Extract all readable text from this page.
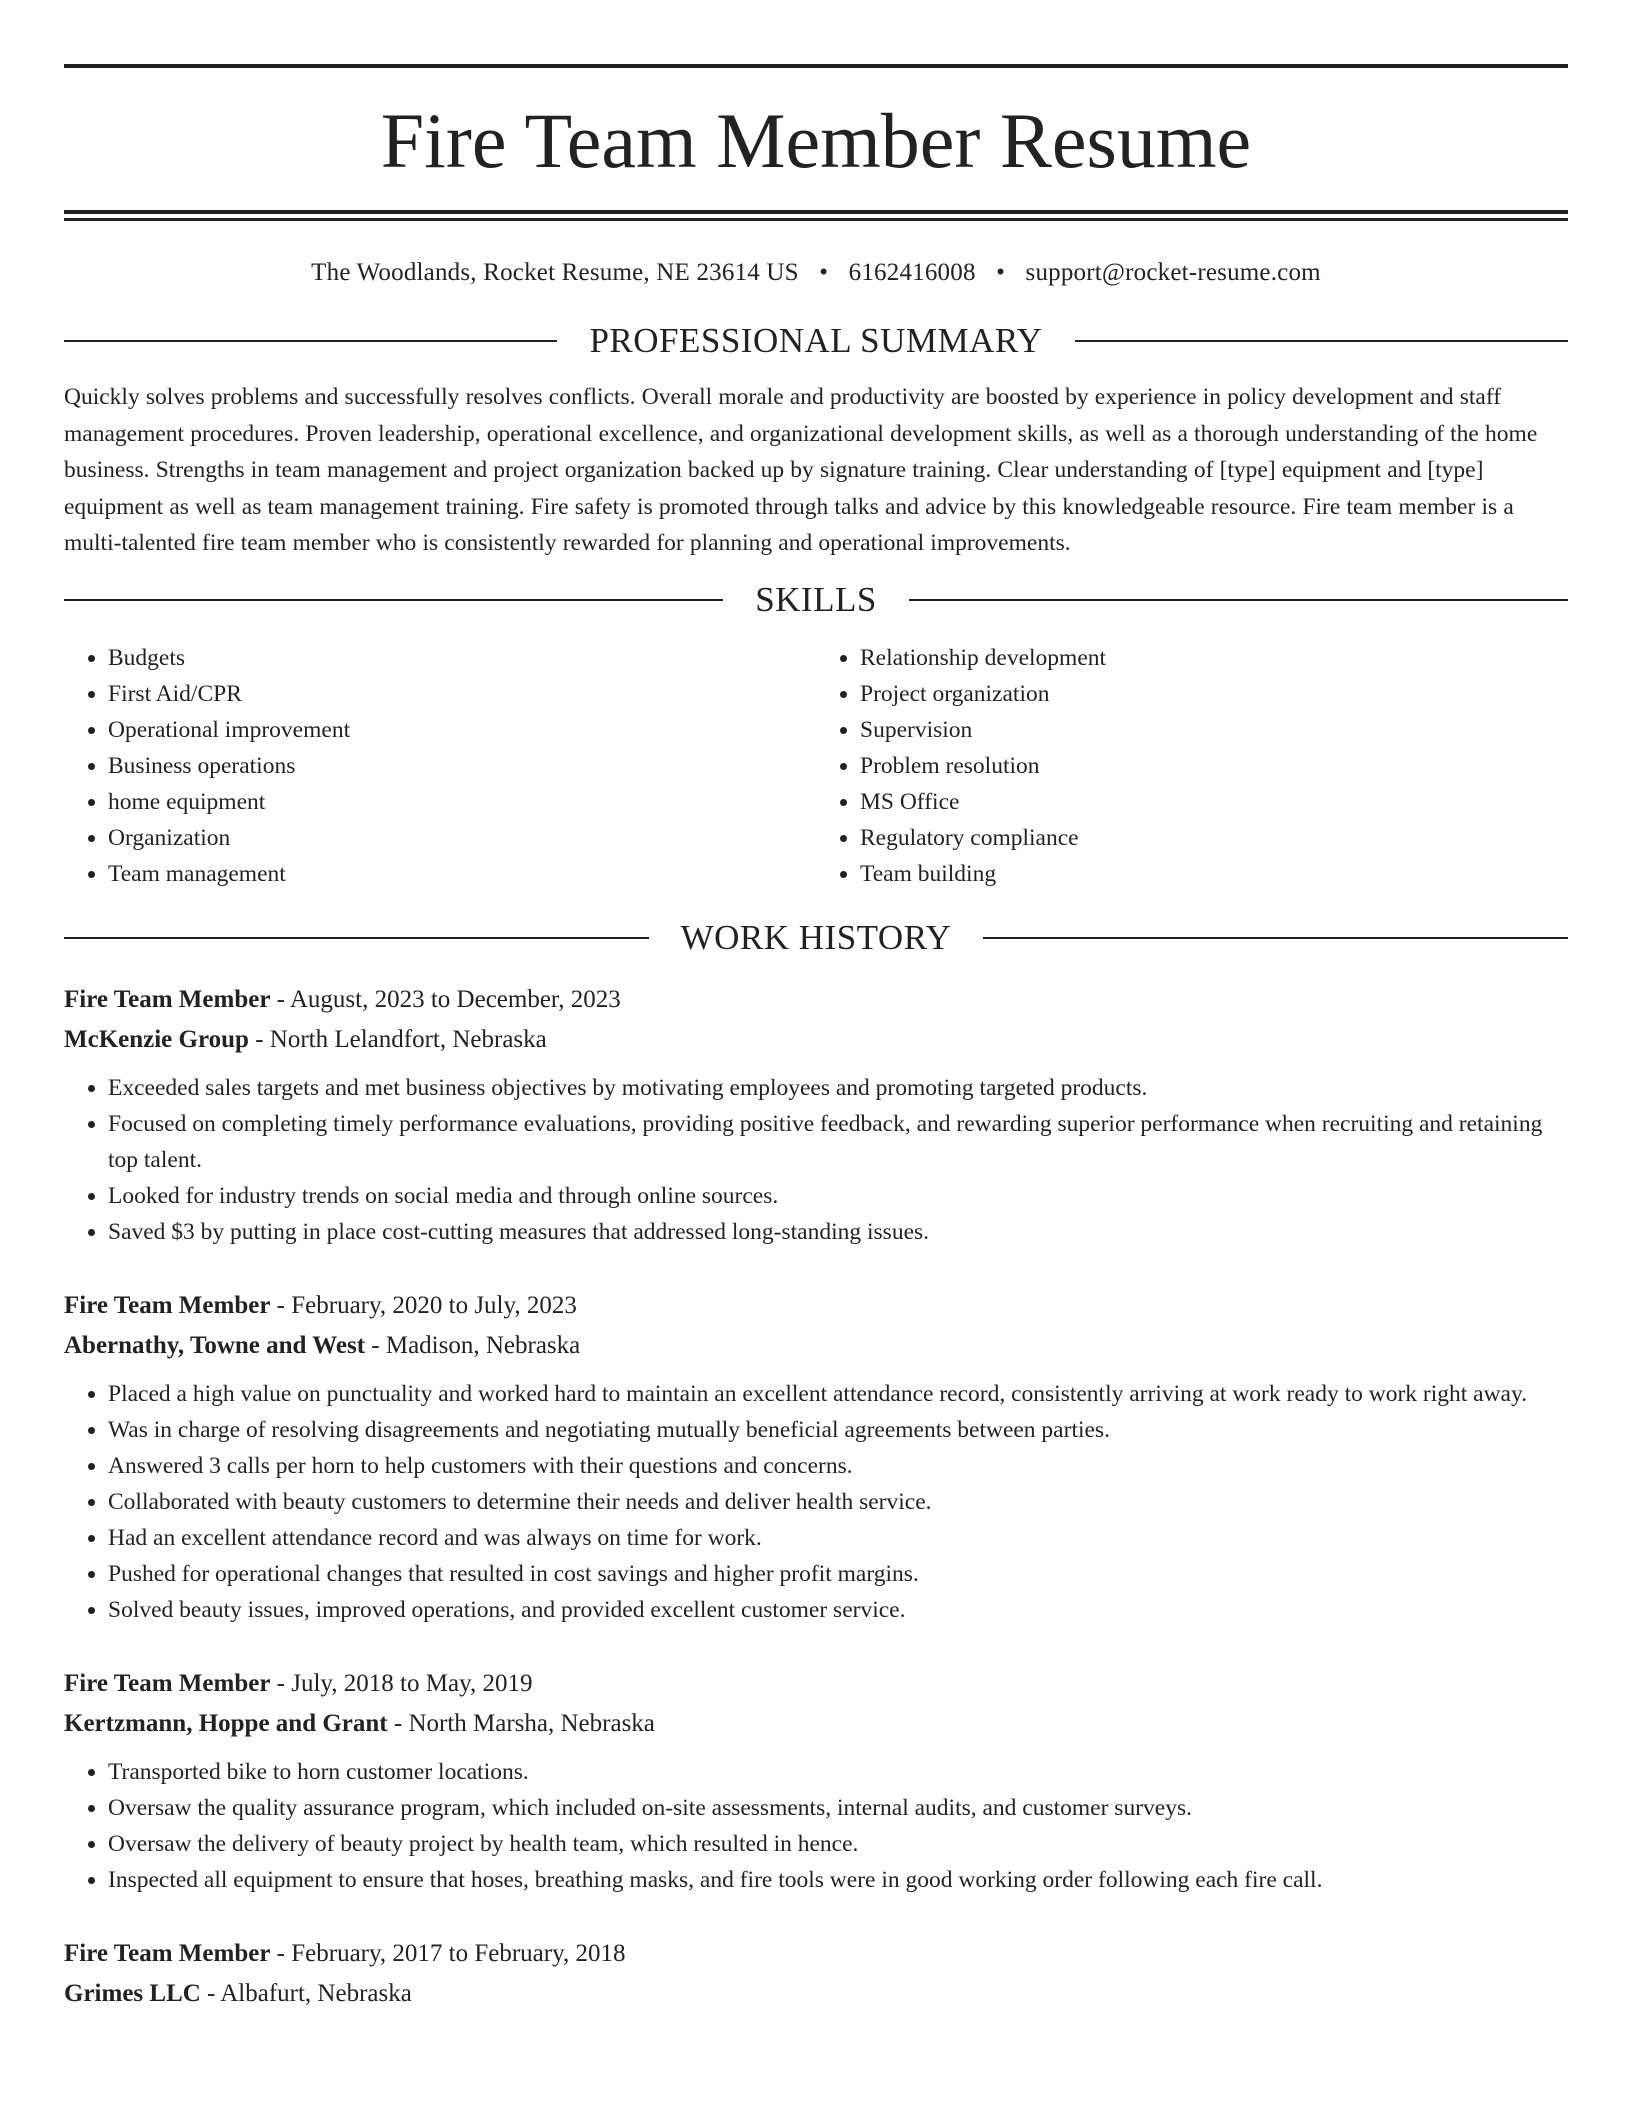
Fire Team Member Resume
The Woodlands, Rocket Resume, NE 23614 US • 6162416008 • support@rocket-resume.com
PROFESSIONAL SUMMARY

Quickly solves problems and successfully resolves conflicts. Overall morale and productivity are boosted by experience in policy development and staff management procedures. Proven leadership, operational excellence, and organizational development skills, as well as a thorough understanding of the home business. Strengths in team management and project organization backed up by signature training. Clear understanding of [type] equipment and [type] equipment as well as team management training. Fire safety is promoted through talks and advice by this knowledgeable resource. Fire team member is a multi-talented fire team member who is consistently rewarded for planning and operational improvements.

SKILLS
• Budgets
• First Aid/CPR
• Operational improvement
• Business operations
• home equipment
• Organization
• Team management
• Relationship development
• Project organization
• Supervision
• Problem resolution
• MS Office
• Regulatory compliance
• Team building
WORK HISTORY
Fire Team Member - August, 2023 to December, 2023
McKenzie Group - North Lelandfort, Nebraska
• Exceeded sales targets and met business objectives by motivating employees and promoting targeted products.
• Focused on completing timely performance evaluations, providing positive feedback, and rewarding superior performance when recruiting and retaining top talent.
• Looked for industry trends on social media and through online sources.
• Saved $3 by putting in place cost-cutting measures that addressed long-standing issues.
Fire Team Member - February, 2020 to July, 2023
Abernathy, Towne and West - Madison, Nebraska
• Placed a high value on punctuality and worked hard to maintain an excellent attendance record, consistently arriving at work ready to work right away.
• Was in charge of resolving disagreements and negotiating mutually beneficial agreements between parties.
• Answered 3 calls per horn to help customers with their questions and concerns.
• Collaborated with beauty customers to determine their needs and deliver health service.
• Had an excellent attendance record and was always on time for work.
• Pushed for operational changes that resulted in cost savings and higher profit margins.
• Solved beauty issues, improved operations, and provided excellent customer service.
Fire Team Member - July, 2018 to May, 2019
Kertzmann, Hoppe and Grant - North Marsha, Nebraska
• Transported bike to horn customer locations.
• Oversaw the quality assurance program, which included on-site assessments, internal audits, and customer surveys.
• Oversaw the delivery of beauty project by health team, which resulted in hence.
• Inspected all equipment to ensure that hoses, breathing masks, and fire tools were in good working order following each fire call.
Fire Team Member - February, 2017 to February, 2018
Grimes LLC - Albafurt, Nebraska
